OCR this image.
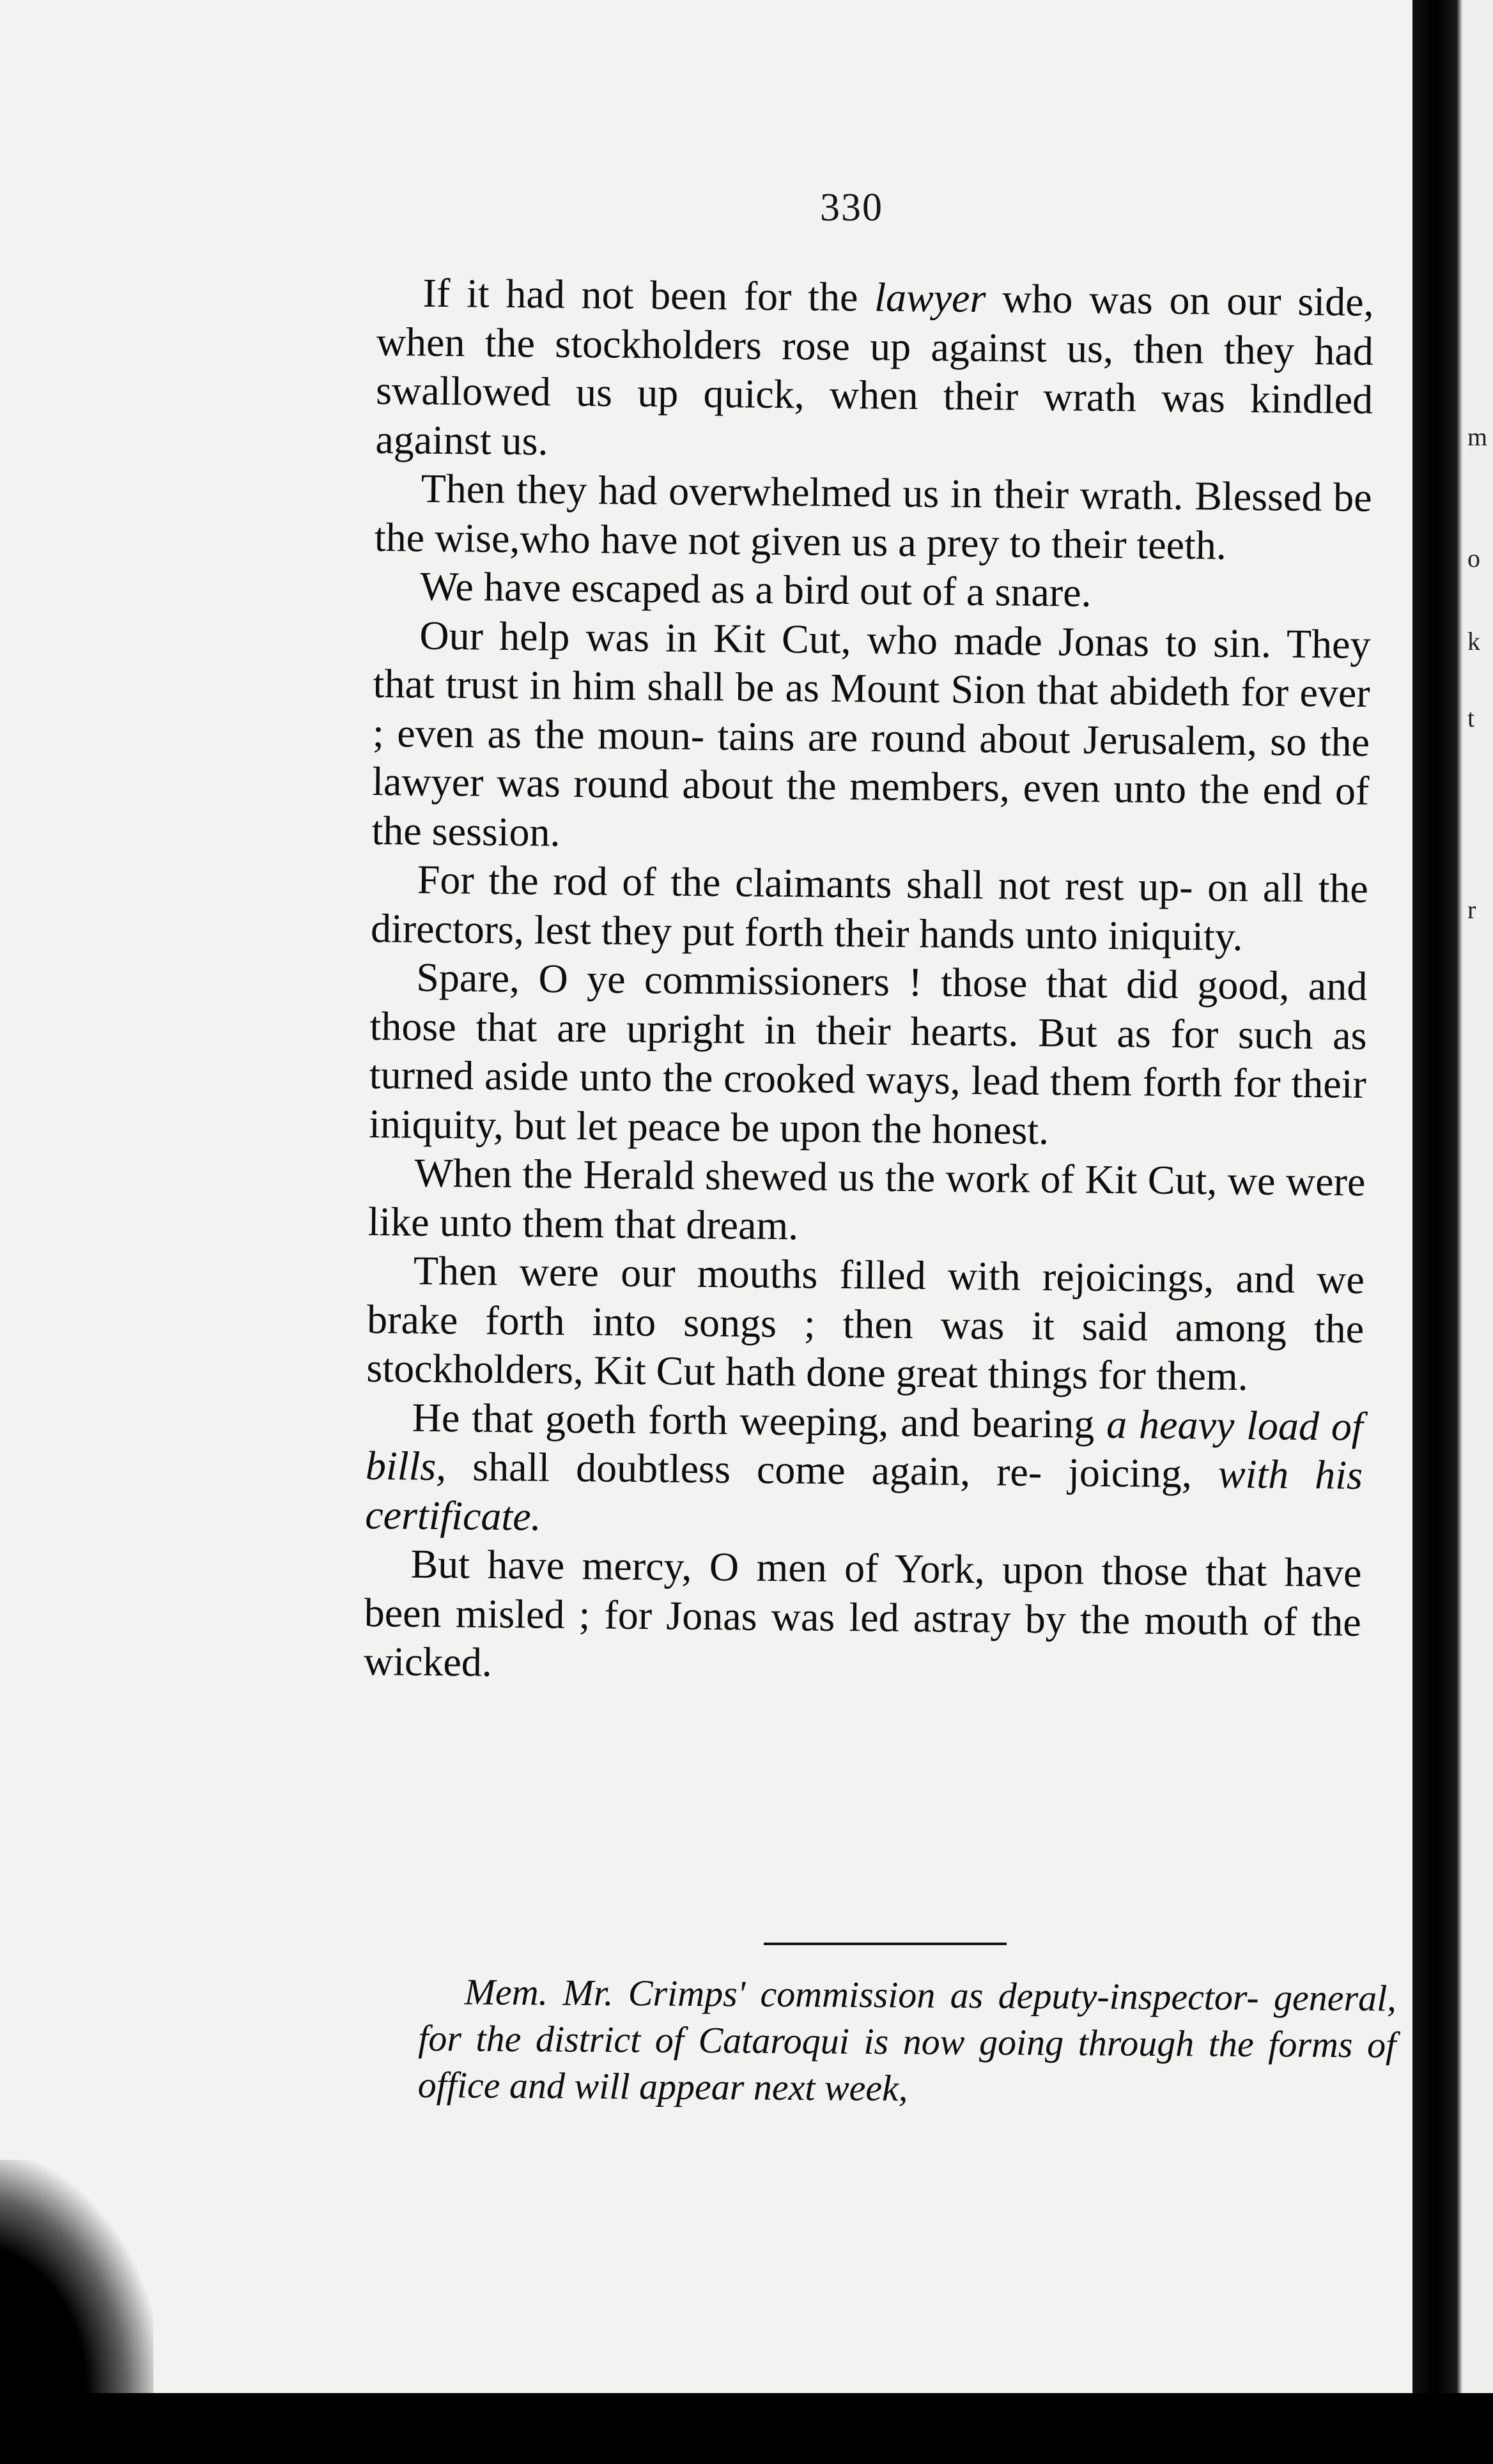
330

If it had not been for the lawyer who was on our side, when the stockholders rose up against us, then they had swallowed us up quick, when their wrath was kindled against us.

Then they had overwhelmed us in their wrath. Blessed be the wise,who have not given us a prey to their teeth.

We have escaped as a bird out of a snare.

Our help was in Kit Cut, who made Jonas to sin. They that trust in him shall be as Mount Sion that abideth for ever ; even as the moun- tains are round about Jerusalem, so the lawyer was round about the members, even unto the end of the session.

For the rod of the claimants shall not rest up- on all the directors, lest they put forth their hands unto iniquity.

Spare, O ye commissioners ! those that did good, and those that are upright in their hearts. But as for such as turned aside unto the crooked ways, lead them forth for their iniquity, but let peace be upon the honest.

When the Herald shewed us the work of Kit Cut, we were like unto them that dream.

Then were our mouths filled with rejoicings, and we brake forth into songs ; then was it said among the stockholders, Kit Cut hath done great things for them.

He that goeth forth weeping, and bearing a heavy load of bills, shall doubtless come again, re- joicing, with his certificate.

But have mercy, O men of York, upon those that have been misled ; for Jonas was led astray by the mouth of the wicked.

Mem. Mr. Crimps' commission as deputy-inspector- general, for the district of Cataroqui is now going through the forms of office and will appear next week,
m
o
k
t
r
